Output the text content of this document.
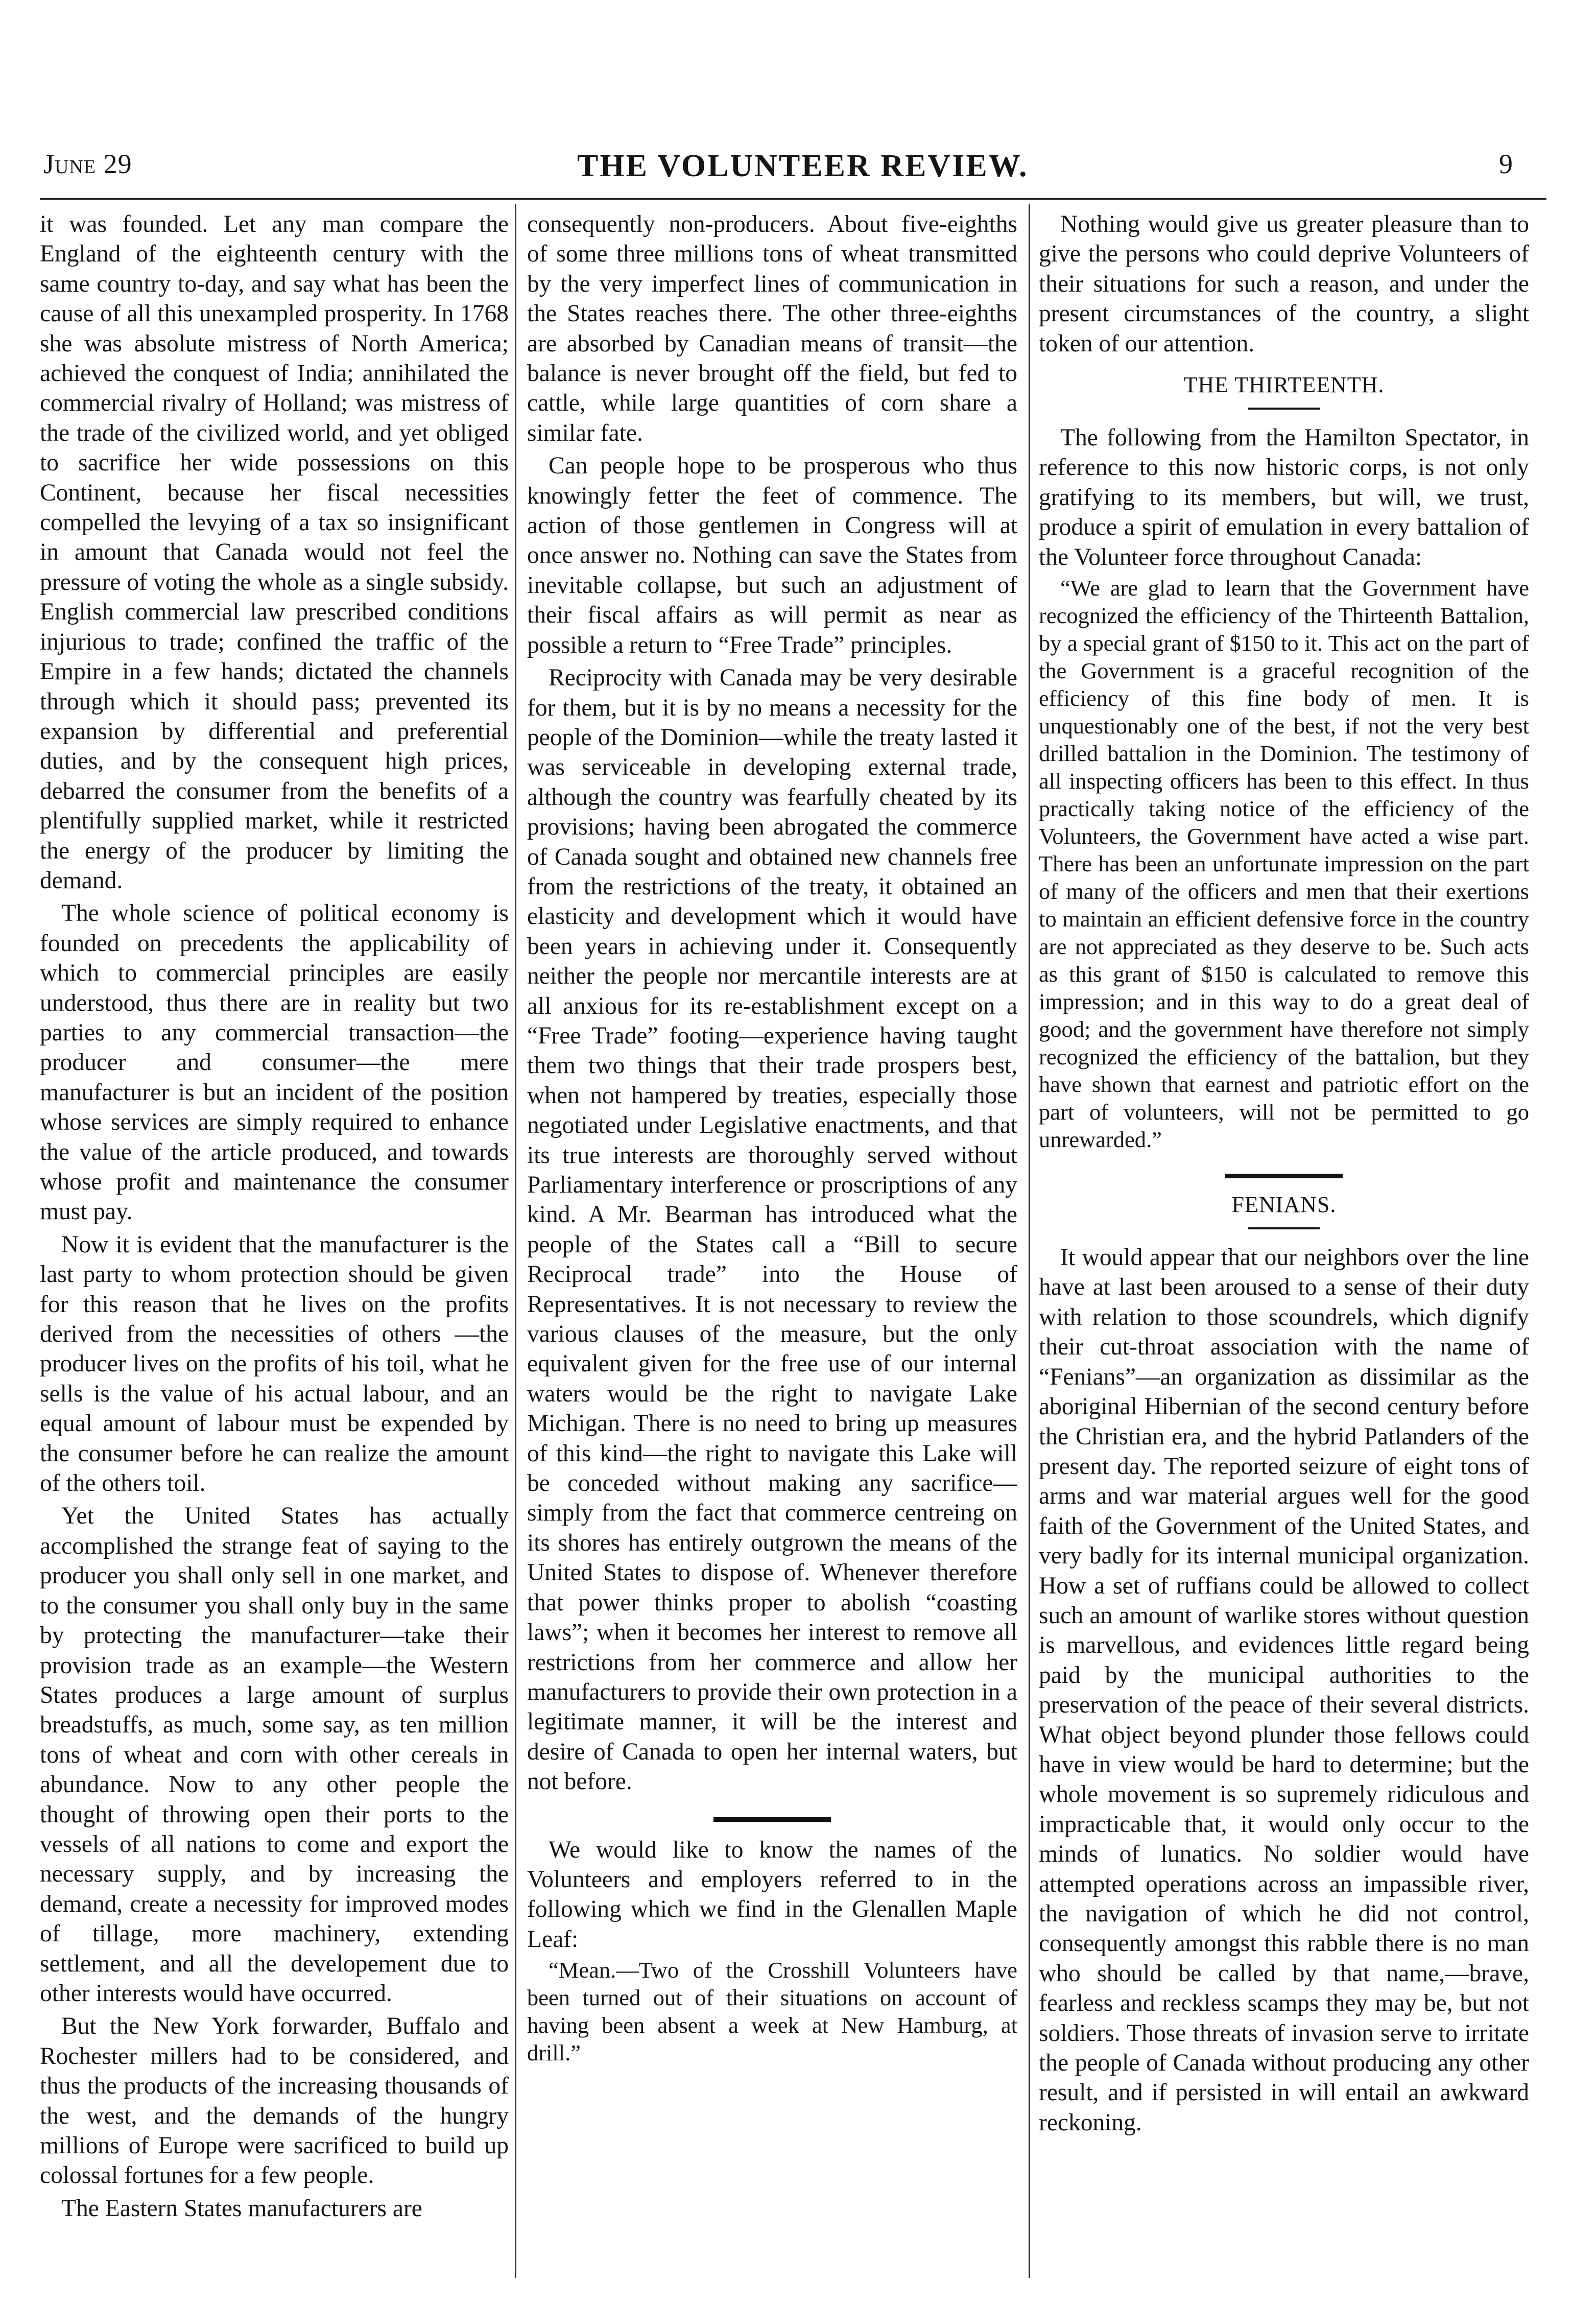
June 29	THE VOLUNTEER REVIEW.	9

it was founded. Let any man compare the England of the eighteenth century with the same country to-day, and say what has been the cause of all this unexampled prosperity. In 1768 she was absolute mistress of North America; achieved the conquest of India; annihilated the commercial rivalry of Holland; was mistress of the trade of the civilized world, and yet obliged to sacrifice her wide possessions on this Continent, because her fiscal necessities compelled the levying of a tax so insignificant in amount that Canada would not feel the pressure of voting the whole as a single subsidy. English commercial law prescribed conditions injurious to trade; confined the traffic of the Empire in a few hands; dictated the channels through which it should pass; prevented its expansion by differential and preferential duties, and by the consequent high prices, debarred the consumer from the benefits of a plentifully supplied market, while it restricted the energy of the producer by limiting the demand.

The whole science of political economy is founded on precedents the applicability of which to commercial principles are easily understood, thus there are in reality but two parties to any commercial transaction—the producer and consumer—the mere manufacturer is but an incident of the position whose services are simply required to enhance the value of the article produced, and towards whose profit and maintenance the consumer must pay.

Now it is evident that the manufacturer is the last party to whom protection should be given for this reason that he lives on the profits derived from the necessities of others —the producer lives on the profits of his toil, what he sells is the value of his actual labour, and an equal amount of labour must be expended by the consumer before he can realize the amount of the others toil.

Yet the United States has actually accomplished the strange feat of saying to the producer you shall only sell in one market, and to the consumer you shall only buy in the same by protecting the manufacturer—take their provision trade as an example—the Western States produces a large amount of surplus breadstuffs, as much, some say, as ten million tons of wheat and corn with other cereals in abundance. Now to any other people the thought of throwing open their ports to the vessels of all nations to come and export the necessary supply, and by increasing the demand, create a necessity for improved modes of tillage, more machinery, extending settlement, and all the developement due to other interests would have occurred.

But the New York forwarder, Buffalo and Rochester millers had to be considered, and thus the products of the increasing thousands of the west, and the demands of the hungry millions of Europe were sacrificed to build up colossal fortunes for a few people.

The Eastern States manufacturers are

consequently non-producers. About five-eighths of some three millions tons of wheat transmitted by the very imperfect lines of communication in the States reaches there. The other three-eighths are absorbed by Canadian means of transit—the balance is never brought off the field, but fed to cattle, while large quantities of corn share a similar fate.

Can people hope to be prosperous who thus knowingly fetter the feet of commence. The action of those gentlemen in Congress will at once answer no. Nothing can save the States from inevitable collapse, but such an adjustment of their fiscal affairs as will permit as near as possible a return to “Free Trade” principles.

Reciprocity with Canada may be very desirable for them, but it is by no means a necessity for the people of the Dominion—while the treaty lasted it was serviceable in developing external trade, although the country was fearfully cheated by its provisions; having been abrogated the commerce of Canada sought and obtained new channels free from the restrictions of the treaty, it obtained an elasticity and development which it would have been years in achieving under it. Consequently neither the people nor mercantile interests are at all anxious for its re-establishment except on a “Free Trade” footing—experience having taught them two things that their trade prospers best, when not hampered by treaties, especially those negotiated under Legislative enactments, and that its true interests are thoroughly served without Parliamentary interference or proscriptions of any kind. A Mr. Bearman has introduced what the people of the States call a “Bill to secure Reciprocal trade” into the House of Representatives. It is not necessary to review the various clauses of the measure, but the only equivalent given for the free use of our internal waters would be the right to navigate Lake Michigan. There is no need to bring up measures of this kind—the right to navigate this Lake will be conceded without making any sacrifice—simply from the fact that commerce centreing on its shores has entirely outgrown the means of the United States to dispose of. Whenever therefore that power thinks proper to abolish “coasting laws”; when it becomes her interest to remove all restrictions from her commerce and allow her manufacturers to provide their own protection in a legitimate manner, it will be the interest and desire of Canada to open her internal waters, but not before.

We would like to know the names of the Volunteers and employers referred to in the following which we find in the Glenallen Maple Leaf:

“Mean.—Two of the Crosshill Volunteers have been turned out of their situations on account of having been absent a week at New Hamburg, at drill.”

Nothing would give us greater pleasure than to give the persons who could deprive Volunteers of their situations for such a reason, and under the present circumstances of the country, a slight token of our attention.

THE THIRTEENTH.

The following from the Hamilton Spectator, in reference to this now historic corps, is not only gratifying to its members, but will, we trust, produce a spirit of emulation in every battalion of the Volunteer force throughout Canada:

“We are glad to learn that the Government have recognized the efficiency of the Thirteenth Battalion, by a special grant of $150 to it. This act on the part of the Government is a graceful recognition of the efficiency of this fine body of men. It is unquestionably one of the best, if not the very best drilled battalion in the Dominion. The testimony of all inspecting officers has been to this effect. In thus practically taking notice of the efficiency of the Volunteers, the Government have acted a wise part. There has been an unfortunate impression on the part of many of the officers and men that their exertions to maintain an efficient defensive force in the country are not appreciated as they deserve to be. Such acts as this grant of $150 is calculated to remove this impression; and in this way to do a great deal of good; and the government have therefore not simply recognized the efficiency of the battalion, but they have shown that earnest and patriotic effort on the part of volunteers, will not be permitted to go unrewarded.”

FENIANS.

It would appear that our neighbors over the line have at last been aroused to a sense of their duty with relation to those scoundrels, which dignify their cut-throat association with the name of “Fenians”—an organization as dissimilar as the aboriginal Hibernian of the second century before the Christian era, and the hybrid Patlanders of the present day. The reported seizure of eight tons of arms and war material argues well for the good faith of the Government of the United States, and very badly for its internal municipal organization. How a set of ruffians could be allowed to collect such an amount of warlike stores without question is marvellous, and evidences little regard being paid by the municipal authorities to the preservation of the peace of their several districts. What object beyond plunder those fellows could have in view would be hard to determine; but the whole movement is so supremely ridiculous and impracticable that, it would only occur to the minds of lunatics. No soldier would have attempted operations across an impassible river, the navigation of which he did not control, consequently amongst this rabble there is no man who should be called by that name,—brave, fearless and reckless scamps they may be, but not soldiers. Those threats of invasion serve to irritate the people of Canada without producing any other result, and if persisted in will entail an awkward reckoning.
